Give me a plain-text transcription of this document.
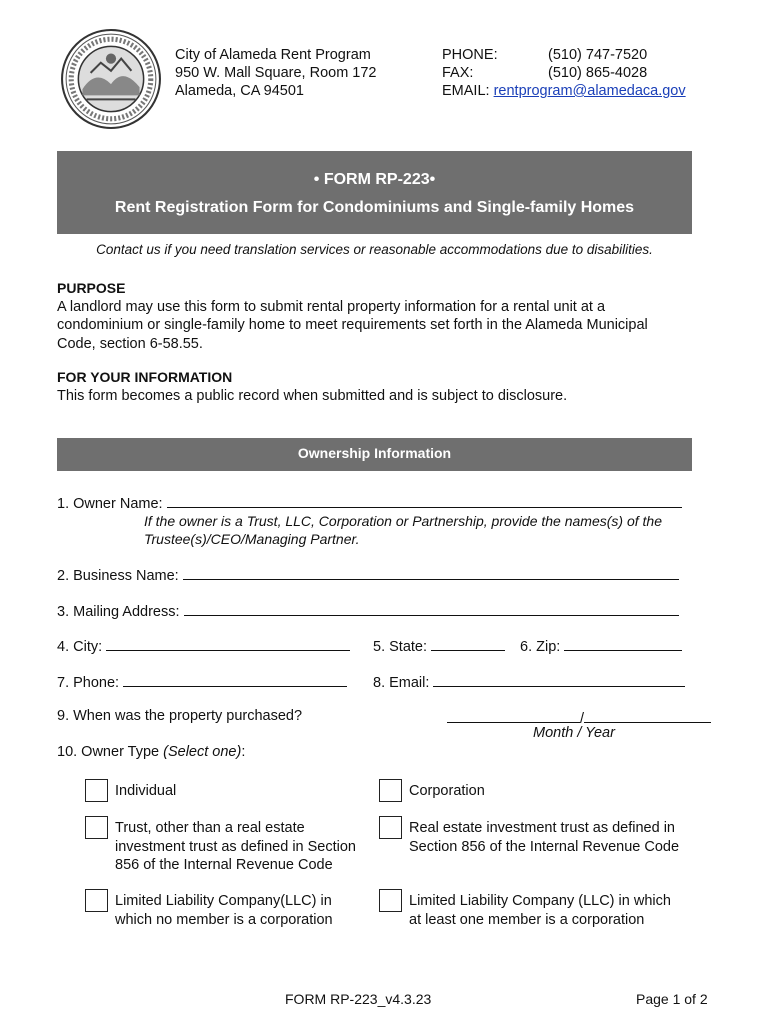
City of Alameda Rent Program
950 W. Mall Square, Room 172
Alameda, CA 94501
PHONE:	(510) 747-7520
FAX:	(510) 865-4028
EMAIL: rentprogram@alamedaca.gov
• FORM RP-223•
Rent Registration Form for Condominiums and Single-family Homes
Contact us if you need translation services or reasonable accommodations due to disabilities.
PURPOSE
A landlord may use this form to submit rental property information for a rental unit at a
condominium or single-family home to meet requirements set forth in the Alameda Municipal
Code, section 6-58.55.
FOR YOUR INFORMATION
This form becomes a public record when submitted and is subject to disclosure.
Ownership Information
1. Owner Name:
If the owner is a Trust, LLC, Corporation or Partnership, provide the names(s) of the
Trustee(s)/CEO/Managing Partner.
2. Business Name:
3. Mailing Address:
4. City:	5. State:	6. Zip:
7. Phone:	8. Email:
9. When was the property purchased?	/
Month / Year
10. Owner Type (Select one):
Individual
Trust, other than a real estate
investment trust as defined in Section
856 of the Internal Revenue Code
Limited Liability Company(LLC) in
which no member is a corporation
Corporation
Real estate investment trust as defined in
Section 856 of the Internal Revenue Code
Limited Liability Company (LLC) in which
at least one member is a corporation
FORM RP-223_v4.3.23	Page 1 of 2
